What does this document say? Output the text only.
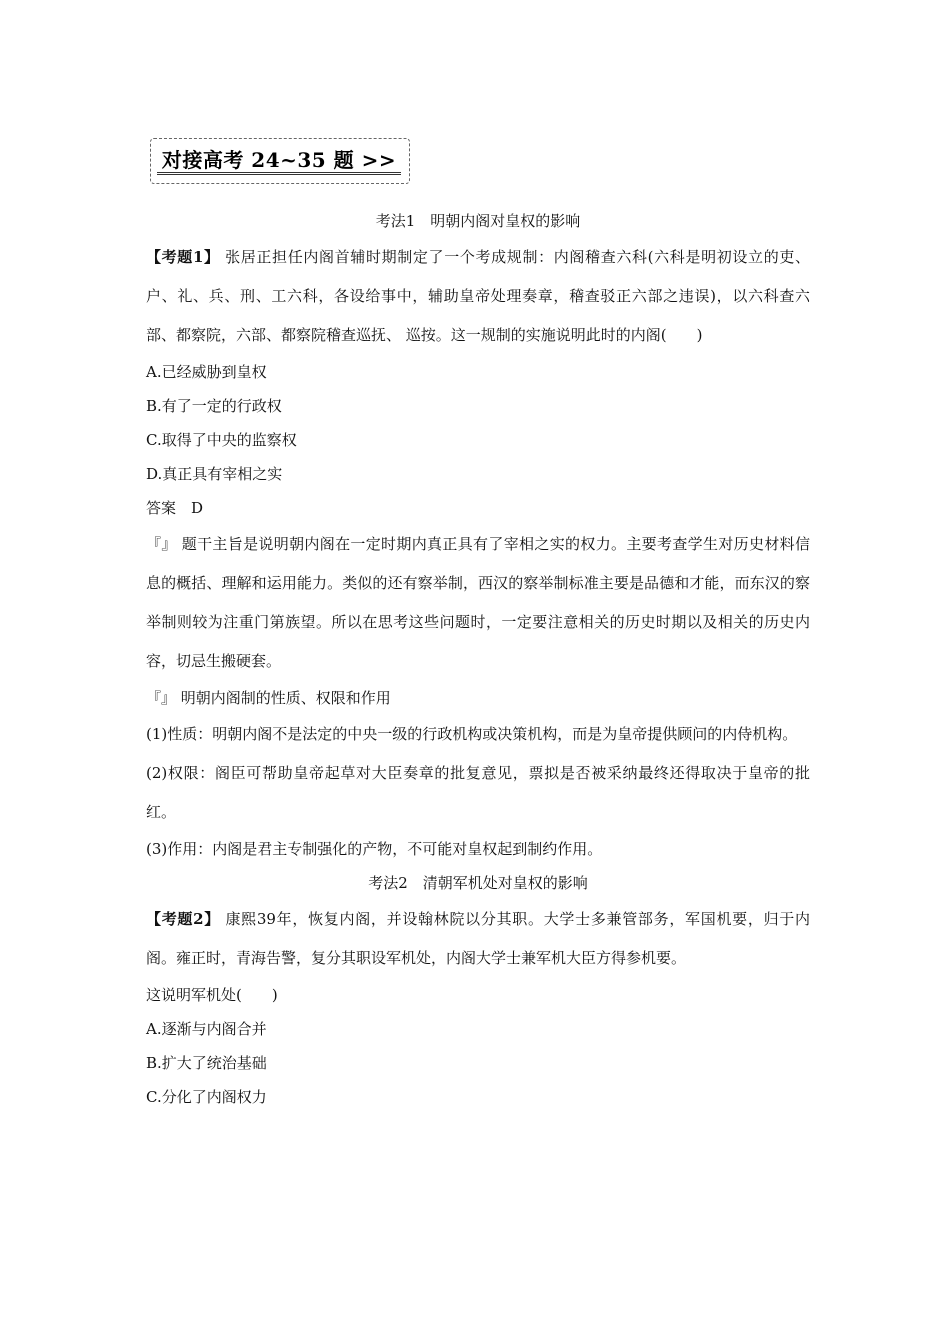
对接高考 24~35 题 >>
考法1　明朝内阁对皇权的影响
【考题1】 张居正担任内阁首辅时期制定了一个考成规制：内阁稽查六科(六科是明初设立的吏、户、礼、兵、刑、工六科，各设给事中，辅助皇帝处理奏章，稽查驳正六部之违误)，以六科查六部、都察院，六部、都察院稽查巡抚、 巡按。这一规制的实施说明此时的内阁(　　)
A.已经威胁到皇权
B.有了一定的行政权
C.取得了中央的监察权
D.真正具有宰相之实
答案　D
『』 题干主旨是说明朝内阁在一定时期内真正具有了宰相之实的权力。主要考查学生对历史材料信息的概括、理解和运用能力。类似的还有察举制，西汉的察举制标准主要是品德和才能，而东汉的察举制则较为注重门第族望。所以在思考这些问题时，一定要注意相关的历史时期以及相关的历史内容，切忌生搬硬套。
『』 明朝内阁制的性质、权限和作用
(1)性质：明朝内阁不是法定的中央一级的行政机构或决策机构，而是为皇帝提供顾问的内侍机构。
(2)权限：阁臣可帮助皇帝起草对大臣奏章的批复意见，票拟是否被采纳最终还得取决于皇帝的批红。
(3)作用：内阁是君主专制强化的产物，不可能对皇权起到制约作用。
考法2　清朝军机处对皇权的影响
【考题2】 康熙39年，恢复内阁，并设翰林院以分其职。大学士多兼管部务，军国机要，归于内阁。雍正时，青海告警，复分其职设军机处，内阁大学士兼军机大臣方得参机要。
这说明军机处(　　)
A.逐渐与内阁合并
B.扩大了统治基础
C.分化了内阁权力
